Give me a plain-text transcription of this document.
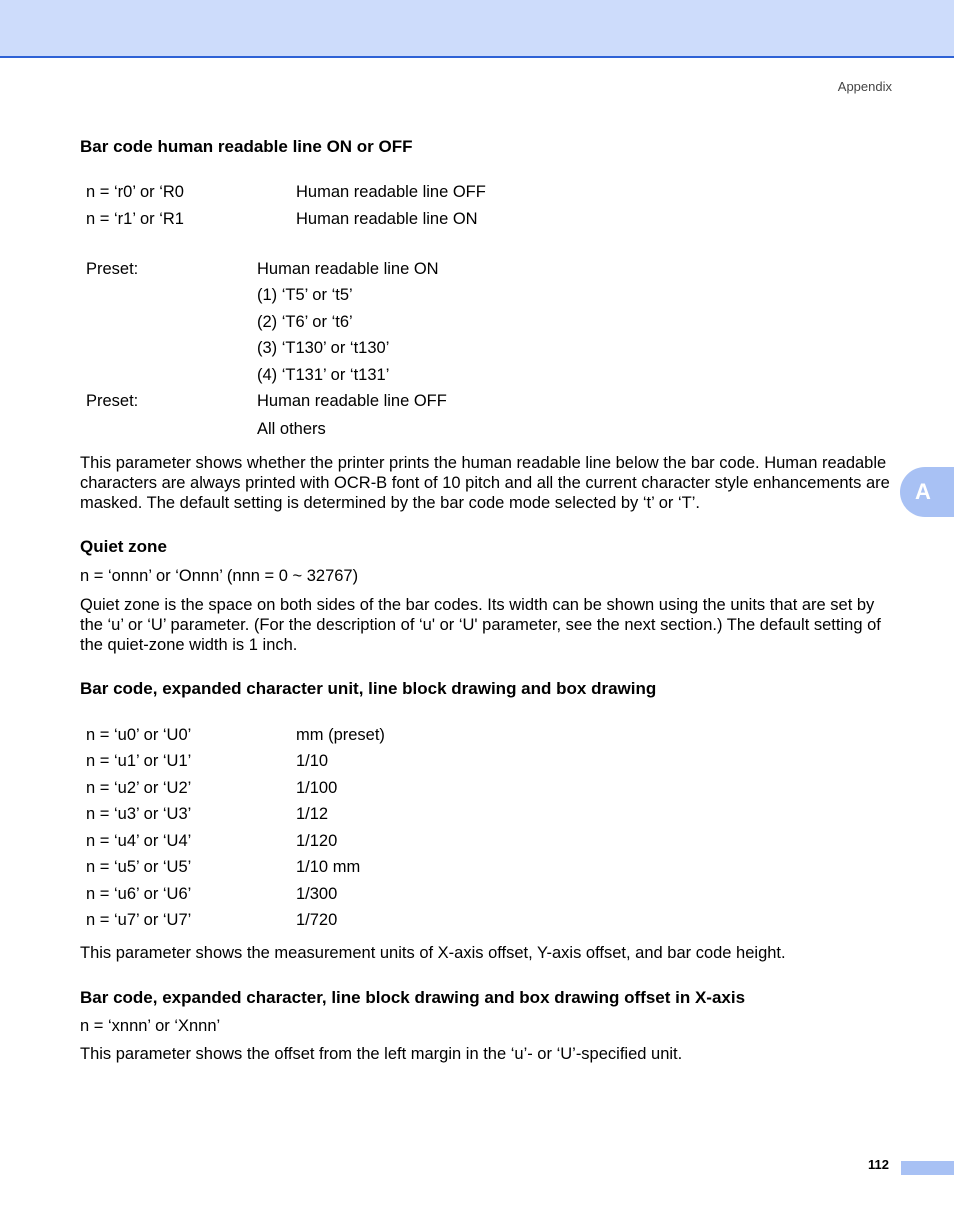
Appendix
Bar code human readable line ON or OFF
n = ‘r0’ or ‘R0	Human readable line OFF
n = ‘r1’ or ‘R1	Human readable line ON
Preset:	Human readable line ON
(1) ‘T5’ or ‘t5’
(2) ‘T6’ or ‘t6’
(3) ‘T130’ or ‘t130’
(4) ‘T131’ or ‘t131’
Preset:	Human readable line OFF
All others

This parameter shows whether the printer prints the human readable line below the bar code. Human readable characters are always printed with OCR-B font of 10 pitch and all the current character style enhancements are masked. The default setting is determined by the bar code mode selected by ‘t’ or ‘T’.

Quiet zone
n = ‘onnn’ or ‘Onnn’ (nnn = 0 ~ 32767)

Quiet zone is the space on both sides of the bar codes. Its width can be shown using the units that are set by the ‘u’ or ‘U’ parameter. (For the description of ‘u' or ‘U' parameter, see the next section.) The default setting of the quiet-zone width is 1 inch.

Bar code, expanded character unit, line block drawing and box drawing
n = ‘u0’ or ‘U0’	mm (preset)
n = ‘u1’ or ‘U1’	1/10
n = ‘u2’ or ‘U2’	1/100
n = ‘u3’ or ‘U3’	1/12
n = ‘u4’ or ‘U4’	1/120
n = ‘u5’ or ‘U5’	1/10 mm
n = ‘u6’ or ‘U6’	1/300
n = ‘u7’ or ‘U7’	1/720

This parameter shows the measurement units of X-axis offset, Y-axis offset, and bar code height.

Bar code, expanded character, line block drawing and box drawing offset in X-axis
n = ‘xnnn’ or ‘Xnnn’

This parameter shows the offset from the left margin in the ‘u’- or ‘U’-specified unit.

A
112
